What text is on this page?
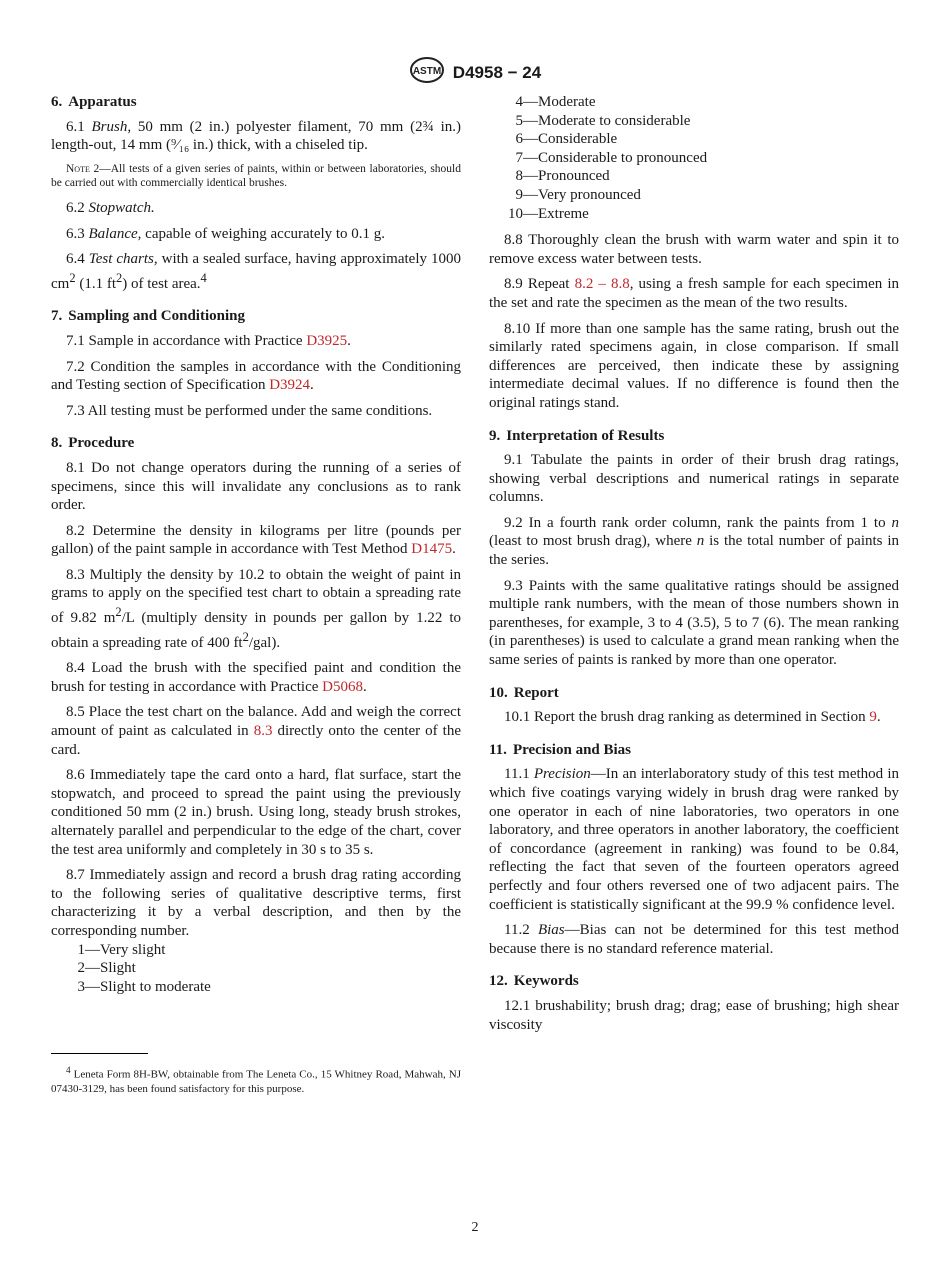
ASTM D4958 − 24
6. Apparatus

6.1 Brush, 50 mm (2 in.) polyester filament, 70 mm (2¾ in.) length-out, 14 mm (⁹⁄₁₆ in.) thick, with a chiseled tip.

Note 2—All tests of a given series of paints, within or between laboratories, should be carried out with commercially identical brushes.

6.2 Stopwatch.

6.3 Balance, capable of weighing accurately to 0.1 g.

6.4 Test charts, with a sealed surface, having approximately 1000 $cm^2$ (1.1 $ft^2$) of test area.$^4$

7. Sampling and Conditioning

7.1 Sample in accordance with Practice D3925.

7.2 Condition the samples in accordance with the Conditioning and Testing section of Specification D3924.

7.3 All testing must be performed under the same conditions.

8. Procedure

8.1 Do not change operators during the running of a series of specimens, since this will invalidate any conclusions as to rank order.

8.2 Determine the density in kilograms per litre (pounds per gallon) of the paint sample in accordance with Test Method D1475.

8.3 Multiply the density by 10.2 to obtain the weight of paint in grams to apply on the specified test chart to obtain a spreading rate of 9.82 $m^2/L$ (multiply density in pounds per gallon by 1.22 to obtain a spreading rate of 400 $ft^2/gal$).

8.4 Load the brush with the specified paint and condition the brush for testing in accordance with Practice D5068.

8.5 Place the test chart on the balance. Add and weigh the correct amount of paint as calculated in 8.3 directly onto the center of the card.

8.6 Immediately tape the card onto a hard, flat surface, start the stopwatch, and proceed to spread the paint using the previously conditioned 50 mm (2 in.) brush. Using long, steady brush strokes, alternately parallel and perpendicular to the edge of the chart, cover the test area uniformly and completely in 30 s to 35 s.

8.7 Immediately assign and record a brush drag rating according to the following series of qualitative descriptive terms, first characterizing it by a verbal description, and then by the corresponding number.

1—Very slight
2—Slight
3—Slight to moderate
4—Moderate
5—Moderate to considerable
6—Considerable
7—Considerable to pronounced
8—Pronounced
9—Very pronounced
10—Extreme

8.8 Thoroughly clean the brush with warm water and spin it to remove excess water between tests.

8.9 Repeat 8.2 – 8.8, using a fresh sample for each specimen in the set and rate the specimen as the mean of the two results.

8.10 If more than one sample has the same rating, brush out the similarly rated specimens again, in close comparison. If small differences are perceived, then indicate these by assigning intermediate decimal values. If no difference is found then the original ratings stand.

9. Interpretation of Results

9.1 Tabulate the paints in order of their brush drag ratings, showing verbal descriptions and numerical ratings in separate columns.

9.2 In a fourth rank order column, rank the paints from 1 to n (least to most brush drag), where n is the total number of paints in the series.

9.3 Paints with the same qualitative ratings should be assigned multiple rank numbers, with the mean of those numbers shown in parentheses, for example, 3 to 4 (3.5), 5 to 7 (6). The mean ranking (in parentheses) is used to calculate a grand mean ranking when the same series of paints is ranked by more than one operator.

10. Report

10.1 Report the brush drag ranking as determined in Section 9.

11. Precision and Bias

11.1 Precision—In an interlaboratory study of this test method in which five coatings varying widely in brush drag were ranked by one operator in each of nine laboratories, two operators in one laboratory, and three operators in another laboratory, the coefficient of concordance (agreement in ranking) was found to be 0.84, reflecting the fact that seven of the fourteen operators agreed perfectly and four others reversed one of two adjacent pairs. The coefficient is statistically significant at the 99.9 % confidence level.

11.2 Bias—Bias can not be determined for this test method because there is no standard reference material.

12. Keywords

12.1 brushability; brush drag; drag; ease of brushing; high shear viscosity

$^4$ Leneta Form 8H-BW, obtainable from The Leneta Co., 15 Whitney Road, Mahwah, NJ 07430-3129, has been found satisfactory for this purpose.
2
